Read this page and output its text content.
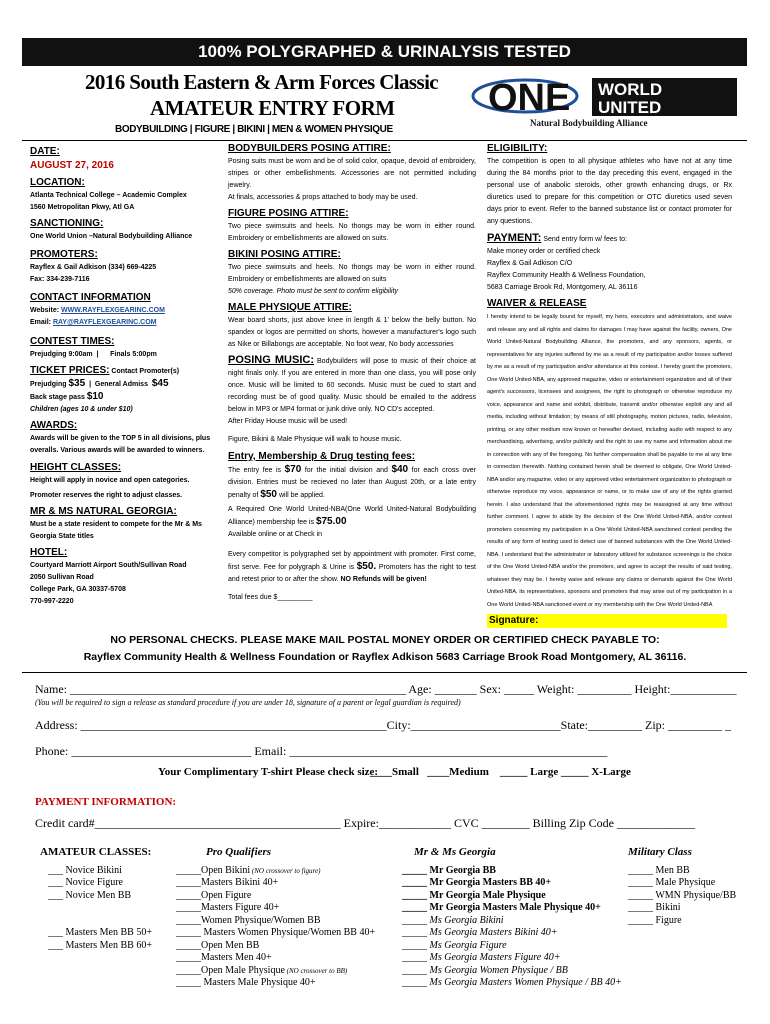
100% POLYGRAPHED & URINALYSIS TESTED
2016 South Eastern & Arm Forces Classic
AMATEUR ENTRY FORM
BODYBUILDING | FIGURE | BIKINI | MEN & WOMEN PHYSIQUE
ONE WORLD
UNITED
Natural Bodybuilding Alliance
DATE:
AUGUST 27, 2016
LOCATION:
Atlanta Technical College – Academic Complex
1560 Metropolitan Pkwy, Atl GA
SANCTIONING:
One World Union –Natural Bodybuilding Alliance
PROMOTERS:
Rayflex & Gail Adkison (334) 669-4225
Fax: 334-239-7116
CONTACT INFORMATION
Website: WWW.RAYFLEXGEARINC.COM
Email: RAY@RAYFLEXGEARINC.COM
CONTEST TIMES:
Prejudging 9:00am  |      Finals 5:00pm
TICKET PRICES: Contact Promoter(s)
Prejudging $35  |  General Admiss  $45
Back stage pass $10
Children (ages 10 & under $10)
AWARDS:
Awards will be given to the TOP 5 in all divisions, plus overalls. Various awards will be awarded to winners.
HEIGHT CLASSES:
Height will apply in novice and open categories.
Promoter reserves the right to adjust classes.
MR & MS NATURAL GEORGIA:
Must be a state resident to compete for the Mr & Ms Georgia State titles
HOTEL:
Courtyard Marriott Airport South/Sullivan Road
2050 Sullivan Road
College Park, GA 30337-5708
770-997-2220
BODYBUILDERS POSING ATTIRE:
Posing suits must be worn and be of solid color, opaque, devoid of embroidery, stripes or other embellishments. Accessories are not permitted including jewelry.
At finals, accessories & props attached to body may be used.
FIGURE POSING ATTIRE:
Two piece swimsuits and heels. No thongs may be worn in either round. Embroidery or embellishments are allowed on suits.
BIKINI POSING ATTIRE:
Two piece swimsuits and heels. No thongs may be worn in either round. Embroidery or embellishments are allowed on suits
50% coverage. Photo must be sent to confirm eligibility
MALE PHYSIQUE ATTIRE:
Wear board shorts, just above knee in length & 1' below the belly button. No spandex or logos are permitted on shorts, however a manufacturer's logo such as Nike or Billabongs are acceptable. No foot wear, No body accessories
POSING MUSIC: Bodybuilders will pose to music of their choice at night finals only. If you are entered in more than one class, you will pose only once. Music will be limited to 60 seconds. Music must be cued to start and recording must be of good quality. Music should be emailed to the address below in MP3 or MP4 format or junk drive only. NO CD's accepted.
After Friday House music will be used!
Figure, Bikini & Male Physique will walk to house music.
Entry, Membership & Drug testing fees:
The entry fee is $70 for the initial division and $40 for each cross over division. Entries must be recieved no later than August 20th, or a late entry penalty of $50 will be applied.
A Required One World United-NBA(One World United-Natural Bodybuilding Alliance) membership fee is $75.00
Available online or at Check in
Every competitor is polygraphed set by appointment with promoter. First come, first serve. Fee for polygraph & Urine is $50. Promoters has the right to test and retest prior to or after the show. NO Refunds will be given!
Total fees due $_________
ELIGIBILITY:
The competition is open to all physique athletes who have not at any time during the 84 months prior to the day preceding this event, engaged in the personal use of anabolic steroids, other growth enhancing drugs, or Rx diuretics used to prepare for this competition or OTC diuretics used seven days prior to event. Refer to the banned substance list or contact promoter for any questions.
PAYMENT: Send entry form w/ fees to:
Make money order or certified check
Rayflex & Gail Adkison C/O
Rayflex Community Health & Wellness Foundation,
5683 Carriage Brook Rd, Montgomery, AL 36116
WAIVER & RELEASE
I hereby intend to be legally bound for myself, my heirs, executors and administrators, and waive and release any and all rights and claims for damages I may have against the facility, owners, One World United-Natural Bodybuilding Alliance, the promoters, and any sponsors, agents, or representatives for any injuries suffered by me as a result of my participation and/or losses suffered by me as a result of my participation and/or attendance at this contest. I hereby grant the promoters, One World United-NBA, any approved magazine, video or entertainment organization and all of their agent's successors, licensees and assignees, the right to photograph or otherwise reproduce my voice, appearance and name and exhibit, distribute, transmit and/or otherwise exploit any and all media, including without limitation; by means of still photography, motion pictures, radio, television, printing, or any other medium now known or hereafter devised, including audio with respect to any merchandising, advertising, and/or publicity and the right to use my name and information about me in connection with any of the foregoing. No further compensation shall be payable to me at any time in connection therewith. Nothing contained herein shall be deemed to obligate, One World United-NBA and/or any magazine, video or any approved video entertainment organization to photograph or otherwise reproduce my voice, appearance or name, or to make use of any of the rights granted herein. I also understand that the aforementioned rights may be reassigned at any time without further comment. I agree to abide by the decision of the One World United-NBA, and/or contest promoters concerning my participation in a One World United-NBA sanctioned contest pending the results of any form of testing used to detect use of banned substances with the One World United-NBA. I understand that the administrator or laboratory utilized for substance screenings is the choice of the One World United-NBA and/or the promoters, and agree to accept the results of said testing, whatever they may be. I hereby waive and release any claims or demands against the One World United-NBA, its representatives, sponsors and promoters that may arise out of my participation in a One World United-NBA sanctioned event or my membership with the One World United-NBA
Signature:
NO PERSONAL CHECKS. PLEASE MAKE MAIL POSTAL MONEY ORDER OR CERTIFIED CHECK PAYABLE TO:
Rayflex Community Health & Wellness Foundation or Rayflex Adkison 5683 Carriage Brook Road Montgomery, AL 36116.
Name: ________________________________________________________ Age: _______ Sex: _____ Weight: _________ Height:___________
(You will be required to sign a release as standard procedure if you are under 18, signature of a parent or legal guardian is required)
Address: ___________________________________________________City:_________________________State:_________ Zip: _________ _
Phone: ______________________________ Email: _____________________________________________________
Your Complimentary T-shirt Please check size:
____Small   ____Medium    _____ Large _____ X-Large
PAYMENT INFORMATION:
Credit card#_________________________________________ Expire:____________ CVC ________ Billing Zip Code _____________
AMATEUR CLASSES:
___ Novice Bikini
___ Novice Figure
___ Novice Men BB
___ Masters Men BB 50+
___ Masters Men BB 60+
Pro Qualifiers
_____Open Bikini (NO crossover to figure)
_____Masters Bikini 40+
_____Open Figure
_____Masters Figure 40+
_____Women Physique/Women BB
_____ Masters Women Physique/Women BB 40+
_____Open Men BB
_____Masters Men 40+
_____Open Male Physique (NO crossover to BB)
_____ Masters Male Physique 40+
Mr & Ms Georgia
_____ Mr Georgia BB
_____ Mr Georgia Masters BB 40+
_____ Mr Georgia Male Physique
_____ Mr Georgia Masters Male Physique 40+
_____ Ms Georgia Bikini
_____ Ms Georgia Masters Bikini 40+
_____ Ms Georgia Figure
_____ Ms Georgia Masters Figure 40+
_____ Ms Georgia Women Physique / BB
_____ Ms Georgia Masters Women Physique / BB 40+
Military Class
_____ Men BB
_____ Male Physique
_____ WMN Physique/BB
_____ Bikini
_____ Figure
